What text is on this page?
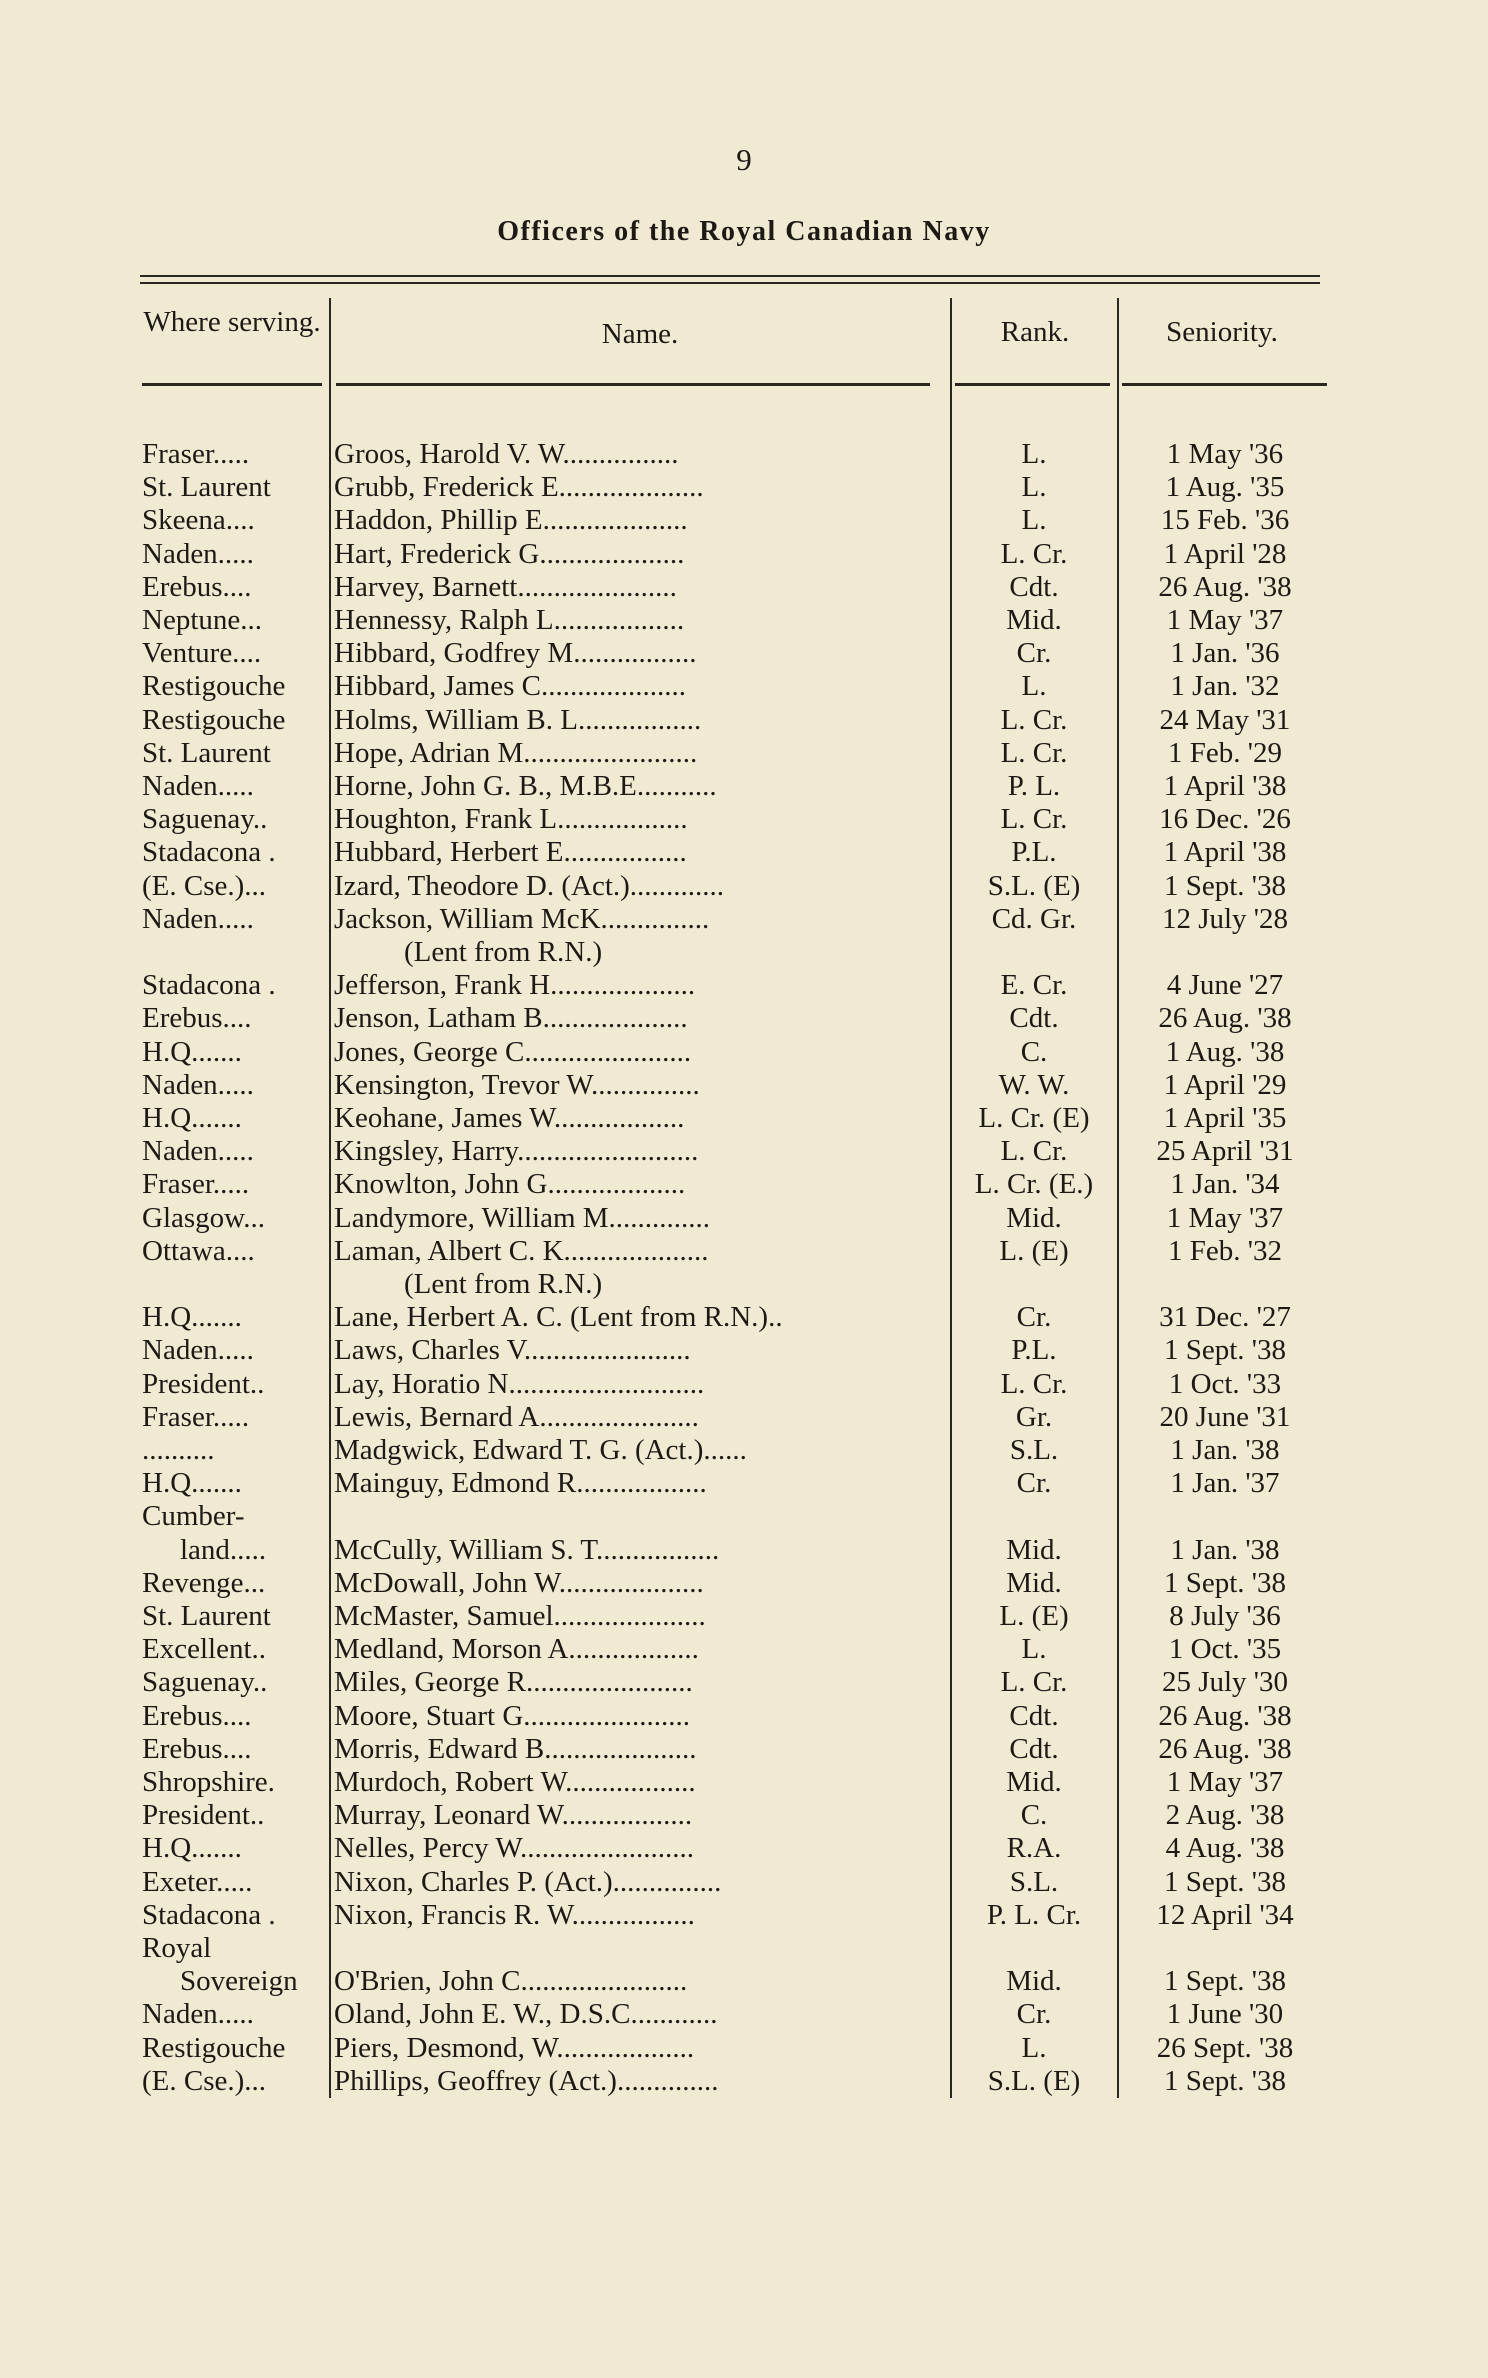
9
Officers of the Royal Canadian Navy
Where serving.	Name.	Rank.	Seniority.
Fraser.....	Groos, Harold V. W................	L.	1 May '36
St. Laurent	Grubb, Frederick E....................	L.	1 Aug. '35
Skeena....	Haddon, Phillip E....................	L.	15 Feb. '36
Naden.....	Hart, Frederick G....................	L. Cr.	1 April '28
Erebus....	Harvey, Barnett......................	Cdt.	26 Aug. '38
Neptune...	Hennessy, Ralph L..................	Mid.	1 May '37
Venture....	Hibbard, Godfrey M.................	Cr.	1 Jan. '36
Restigouche	Hibbard, James C....................	L.	1 Jan. '32
Restigouche	Holms, William B. L.................	L. Cr.	24 May '31
St. Laurent	Hope, Adrian M........................	L. Cr.	1 Feb. '29
Naden.....	Horne, John G. B., M.B.E...........	P. L.	1 April '38
Saguenay..	Houghton, Frank L..................	L. Cr.	16 Dec. '26
Stadacona .	Hubbard, Herbert E.................	P.L.	1 April '38
(E. Cse.)...	Izard, Theodore D. (Act.).............	S.L. (E)	1 Sept. '38
Naden.....	Jackson, William McK...............	Cd. Gr.	12 July '28
(Lent from R.N.)
Stadacona .	Jefferson, Frank H....................	E. Cr.	4 June '27
Erebus....	Jenson, Latham B....................	Cdt.	26 Aug. '38
H.Q.......	Jones, George C.......................	C.	1 Aug. '38
Naden.....	Kensington, Trevor W...............	W. W.	1 April '29
H.Q.......	Keohane, James W..................	L. Cr. (E)	1 April '35
Naden.....	Kingsley, Harry.........................	L. Cr.	25 April '31
Fraser.....	Knowlton, John G...................	L. Cr. (E.)	1 Jan. '34
Glasgow...	Landymore, William M..............	Mid.	1 May '37
Ottawa....	Laman, Albert C. K....................	L. (E)	1 Feb. '32
(Lent from R.N.)
H.Q.......	Lane, Herbert A. C. (Lent from R.N.)..	Cr.	31 Dec. '27
Naden.....	Laws, Charles V.......................	P.L.	1 Sept. '38
President..	Lay, Horatio N...........................	L. Cr.	1 Oct. '33
Fraser.....	Lewis, Bernard A......................	Gr.	20 June '31
..........	Madgwick, Edward T. G. (Act.)......	S.L.	1 Jan. '38
H.Q.......	Mainguy, Edmond R..................	Cr.	1 Jan. '37
Cumber-
land.....	McCully, William S. T.................	Mid.	1 Jan. '38
Revenge...	McDowall, John W....................	Mid.	1 Sept. '38
St. Laurent	McMaster, Samuel.....................	L. (E)	8 July '36
Excellent..	Medland, Morson A..................	L.	1 Oct. '35
Saguenay..	Miles, George R.......................	L. Cr.	25 July '30
Erebus....	Moore, Stuart G.......................	Cdt.	26 Aug. '38
Erebus....	Morris, Edward B.....................	Cdt.	26 Aug. '38
Shropshire.	Murdoch, Robert W..................	Mid.	1 May '37
President..	Murray, Leonard W..................	C.	2 Aug. '38
H.Q.......	Nelles, Percy W........................	R.A.	4 Aug. '38
Exeter.....	Nixon, Charles P. (Act.)...............	S.L.	1 Sept. '38
Stadacona .	Nixon, Francis R. W.................	P. L. Cr.	12 April '34
Royal
Sovereign	O'Brien, John C.......................	Mid.	1 Sept. '38
Naden.....	Oland, John E. W., D.S.C............	Cr.	1 June '30
Restigouche	Piers, Desmond, W...................	L.	26 Sept. '38
(E. Cse.)...	Phillips, Geoffrey (Act.)..............	S.L. (E)	1 Sept. '38
